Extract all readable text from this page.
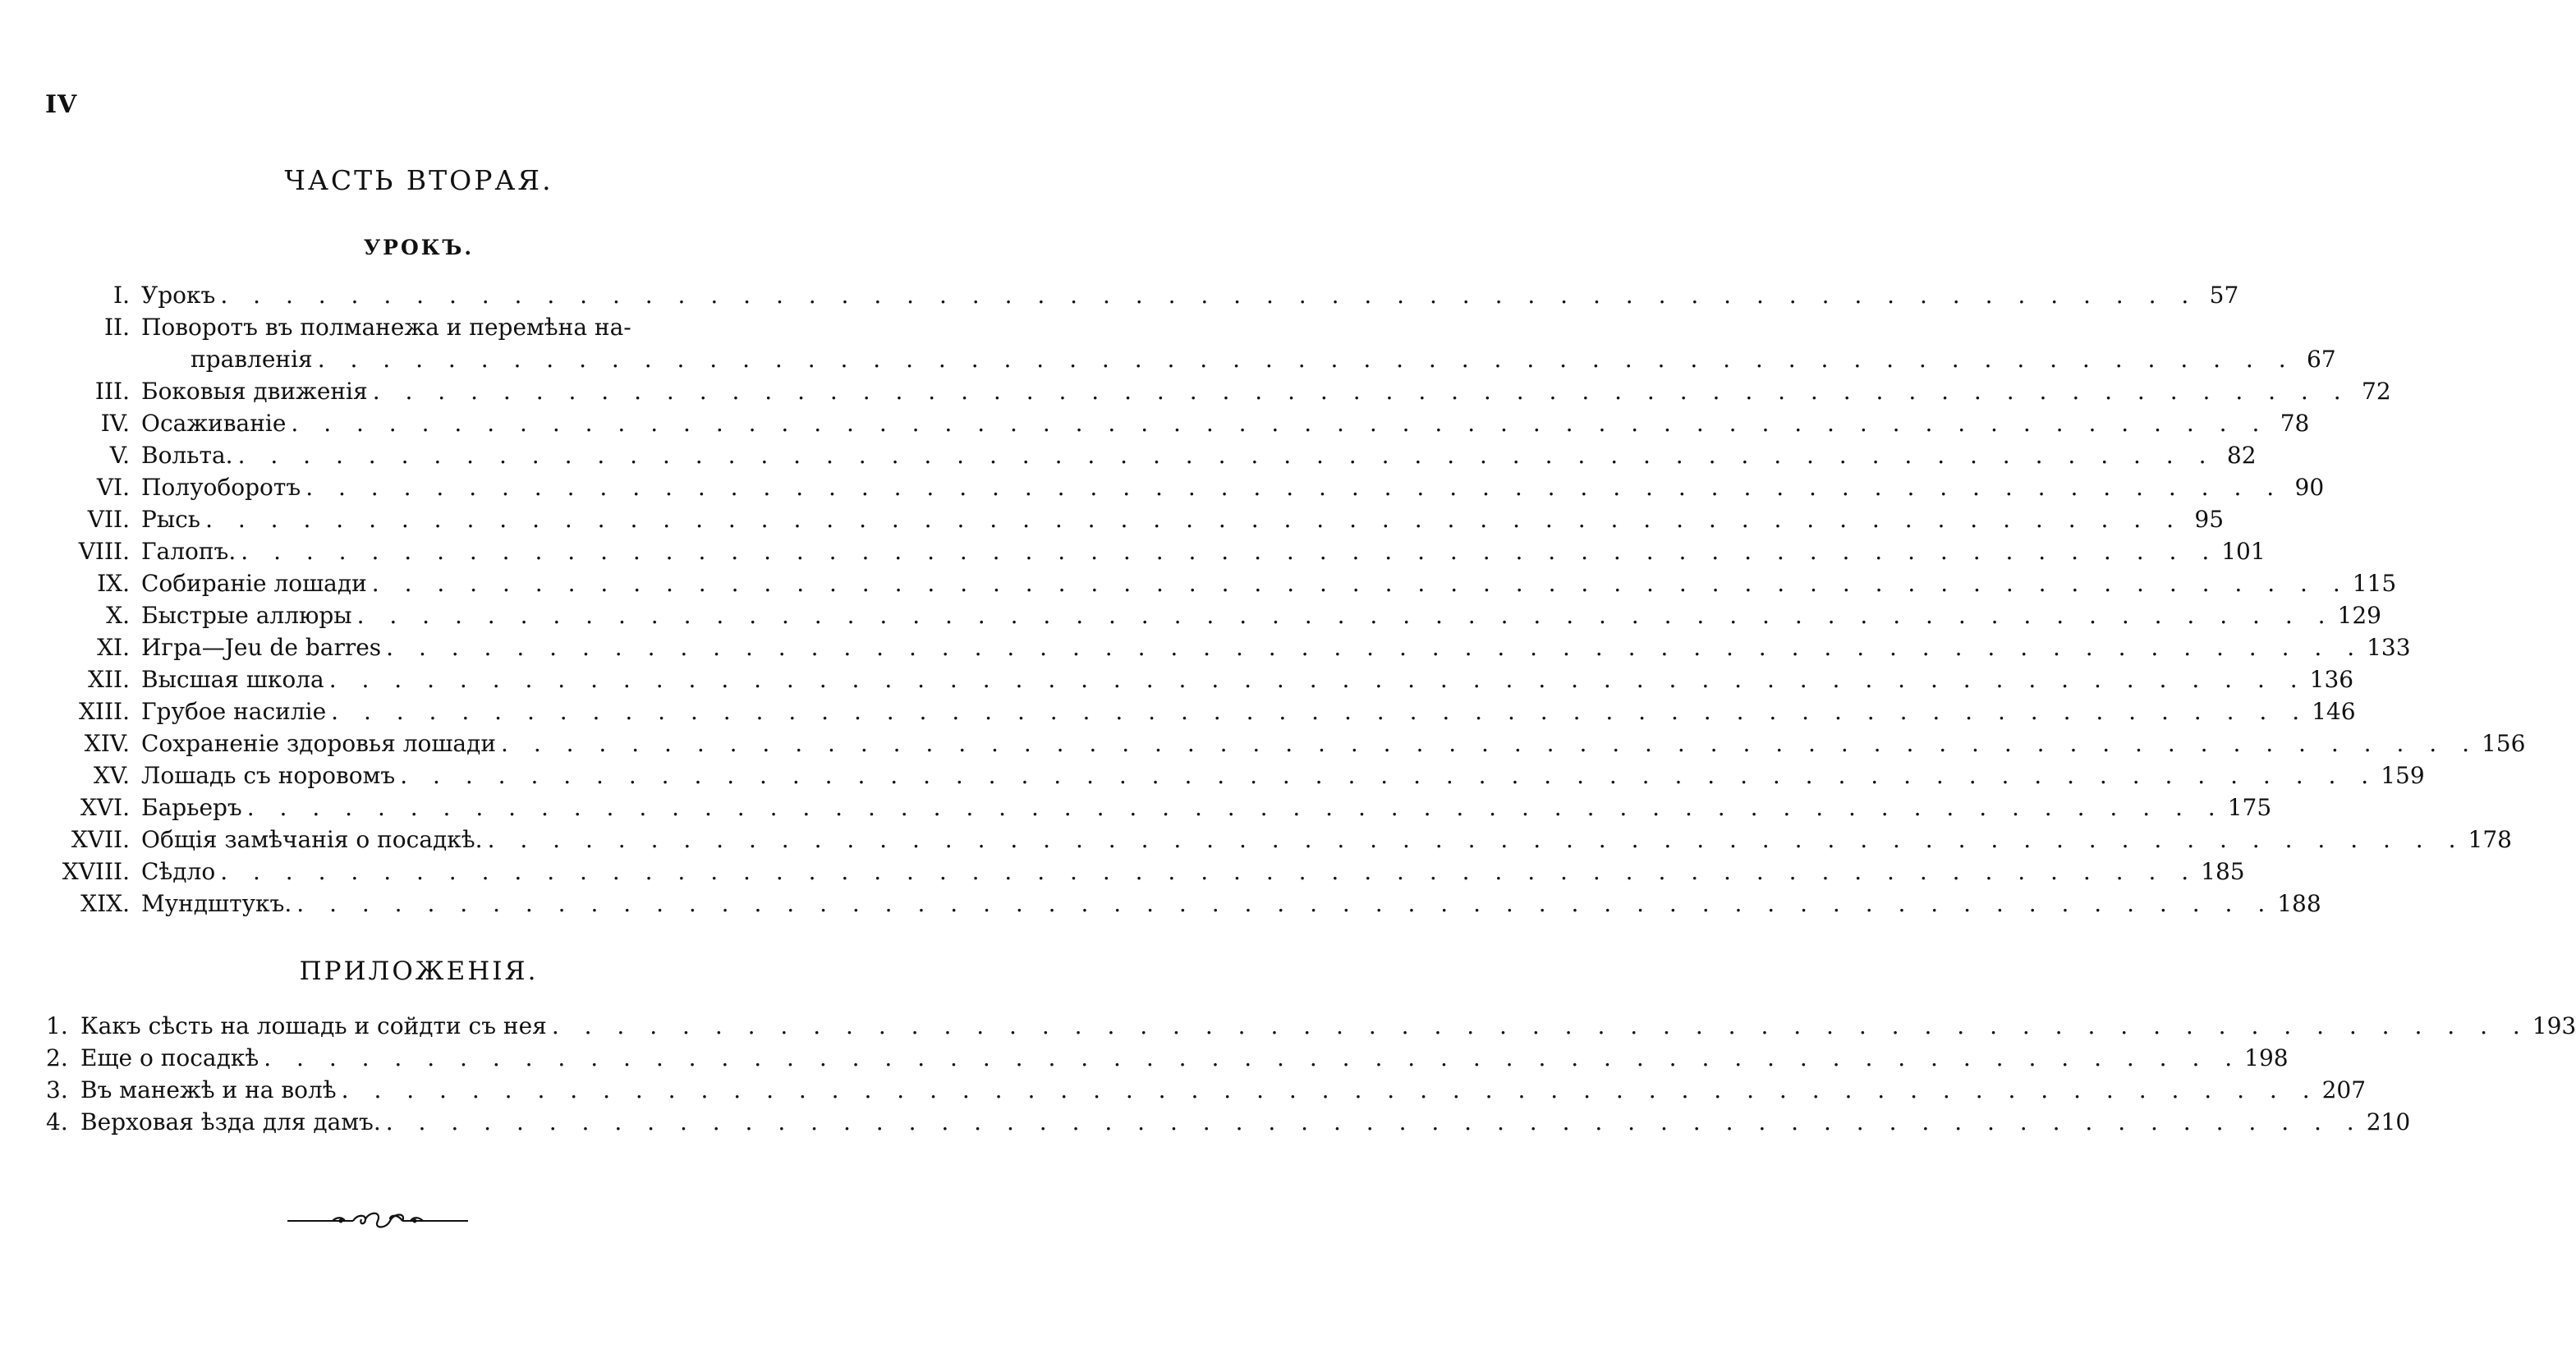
IV
ЧАСТЬ ВТОРАЯ.
УРОКЪ.
I. Урокъ . . . . . . . . . . . . . . . . . . . . . . . . . . . . . . . . . . . . . . . . . . . . . . . . . . . . . . . . . . . . . 57
II. Поворотъ въ полманежа и перемѣна на-
правленія . . . . . . . . . . . . . . . . . . . . . . . . . . . . . . . . . . . . . . . . . . . . . . . . . . . . . . . . . . . . . 67
III. Боковыя движенія . . . . . . . . . . . . . . . . . . . . . . . . . . . . . . . . . . . . . . . . . . . . . . . . . . . . . . . . . . . . . 72
IV. Осаживаніе . . . . . . . . . . . . . . . . . . . . . . . . . . . . . . . . . . . . . . . . . . . . . . . . . . . . . . . . . . . . . 78
V. Вольта. . . . . . . . . . . . . . . . . . . . . . . . . . . . . . . . . . . . . . . . . . . . . . . . . . . . . . . . . . . . . . 82
VI. Полуоборотъ . . . . . . . . . . . . . . . . . . . . . . . . . . . . . . . . . . . . . . . . . . . . . . . . . . . . . . . . . . . . . 90
VII. Рысь . . . . . . . . . . . . . . . . . . . . . . . . . . . . . . . . . . . . . . . . . . . . . . . . . . . . . . . . . . . . . 95
VIII. Галопъ. . . . . . . . . . . . . . . . . . . . . . . . . . . . . . . . . . . . . . . . . . . . . . . . . . . . . . . . . . . . . . 101
IX. Собираніе лошади . . . . . . . . . . . . . . . . . . . . . . . . . . . . . . . . . . . . . . . . . . . . . . . . . . . . . . . . . . . . . 115
X. Быстрые аллюры . . . . . . . . . . . . . . . . . . . . . . . . . . . . . . . . . . . . . . . . . . . . . . . . . . . . . . . . . . . . . 129
XI. Игра—Jeu de barres . . . . . . . . . . . . . . . . . . . . . . . . . . . . . . . . . . . . . . . . . . . . . . . . . . . . . . . . . . . . . 133
XII. Высшая школа . . . . . . . . . . . . . . . . . . . . . . . . . . . . . . . . . . . . . . . . . . . . . . . . . . . . . . . . . . . . . 136
XIII. Грубое насиліе . . . . . . . . . . . . . . . . . . . . . . . . . . . . . . . . . . . . . . . . . . . . . . . . . . . . . . . . . . . . . 146
XIV. Сохраненіе здоровья лошади . . . . . . . . . . . . . . . . . . . . . . . . . . . . . . . . . . . . . . . . . . . . . . . . . . . . . . . . . . . . . 156
XV. Лошадь съ норовомъ . . . . . . . . . . . . . . . . . . . . . . . . . . . . . . . . . . . . . . . . . . . . . . . . . . . . . . . . . . . . . 159
XVI. Барьеръ . . . . . . . . . . . . . . . . . . . . . . . . . . . . . . . . . . . . . . . . . . . . . . . . . . . . . . . . . . . . . 175
XVII. Общія замѣчанія о посадкѣ. . . . . . . . . . . . . . . . . . . . . . . . . . . . . . . . . . . . . . . . . . . . . . . . . . . . . . . . . . . . . . 178
XVIII. Сѣдло . . . . . . . . . . . . . . . . . . . . . . . . . . . . . . . . . . . . . . . . . . . . . . . . . . . . . . . . . . . . . 185
XIX. Мундштукъ. . . . . . . . . . . . . . . . . . . . . . . . . . . . . . . . . . . . . . . . . . . . . . . . . . . . . . . . . . . . . . 188
ПРИЛОЖЕНІЯ.
1. Какъ сѣсть на лошадь и сойдти съ нея . . . . . . . . . . . . . . . . . . . . . . . . . . . . . . . . . . . . . . . . . . . . . . . . . . . . . . . . . . . . . 193
2. Еще о посадкѣ . . . . . . . . . . . . . . . . . . . . . . . . . . . . . . . . . . . . . . . . . . . . . . . . . . . . . . . . . . . . . 198
3. Въ манежѣ и на волѣ . . . . . . . . . . . . . . . . . . . . . . . . . . . . . . . . . . . . . . . . . . . . . . . . . . . . . . . . . . . . . 207
4. Верховая ѣзда для дамъ. . . . . . . . . . . . . . . . . . . . . . . . . . . . . . . . . . . . . . . . . . . . . . . . . . . . . . . . . . . . . . 210
